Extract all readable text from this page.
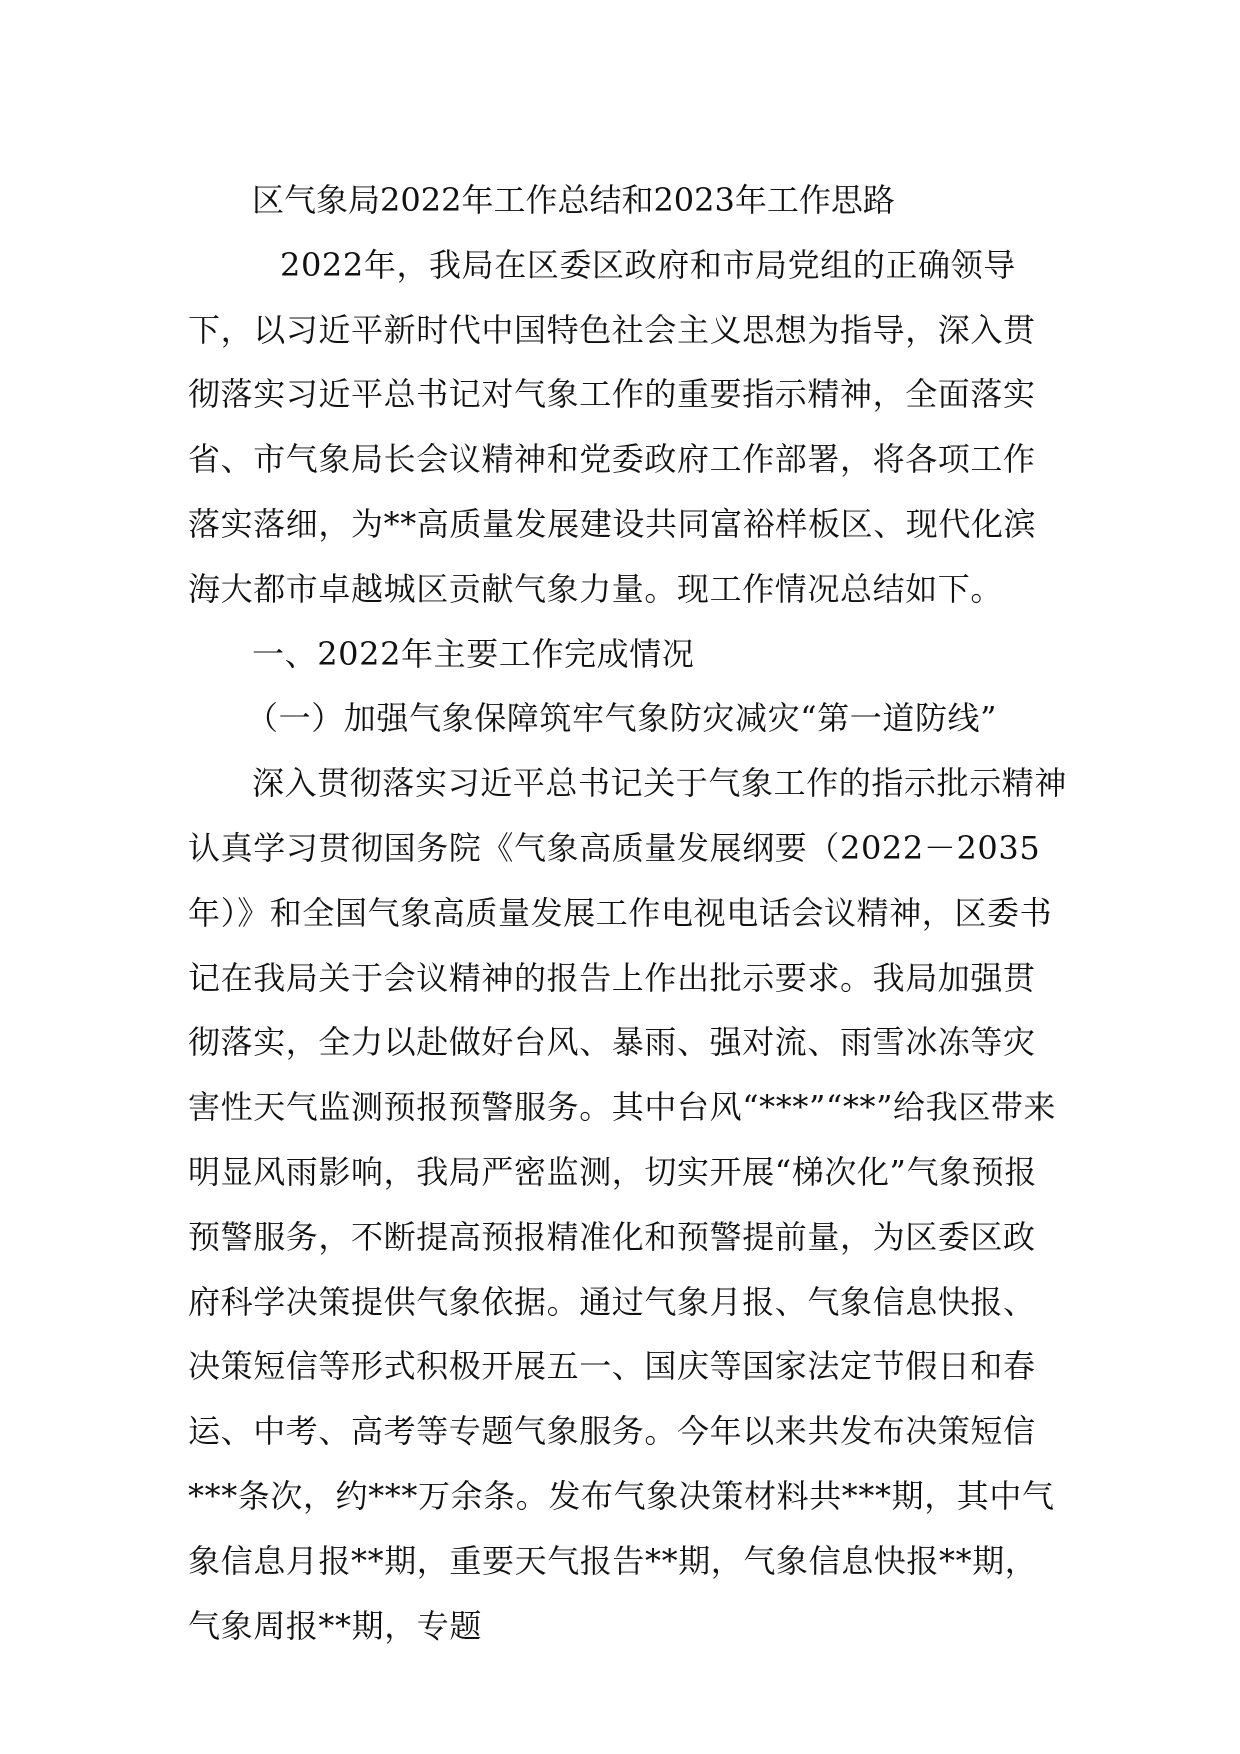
区气象局2022年工作总结和2023年工作思路

2022年，我局在区委区政府和市局党组的正确领导下，以习近平新时代中国特色社会主义思想为指导，深入贯彻落实习近平总书记对气象工作的重要指示精神，全面落实省、市气象局长会议精神和党委政府工作部署，将各项工作落实落细，为**高质量发展建设共同富裕样板区、现代化滨海大都市卓越城区贡献气象力量。现工作情况总结如下。

一、2022年主要工作完成情况

（一）加强气象保障筑牢气象防灾减灾“第一道防线”

深入贯彻落实习近平总书记关于气象工作的指示批示精神认真学习贯彻国务院《气象高质量发展纲要（2022－2035年）》和全国气象高质量发展工作电视电话会议精神，区委书记在我局关于会议精神的报告上作出批示要求。我局加强贯彻落实，全力以赴做好台风、暴雨、强对流、雨雪冰冻等灾害性天气监测预报预警服务。其中台风“***”“**”给我区带来明显风雨影响，我局严密监测，切实开展“梯次化”气象预报预警服务，不断提高预报精准化和预警提前量，为区委区政府科学决策提供气象依据。通过气象月报、气象信息快报、决策短信等形式积极开展五一、国庆等国家法定节假日和春运、中考、高考等专题气象服务。今年以来共发布决策短信***条次，约***万余条。发布气象决策材料共***期，其中气象信息月报**期，重要天气报告**期，气象信息快报**期，气象周报**期，专题
